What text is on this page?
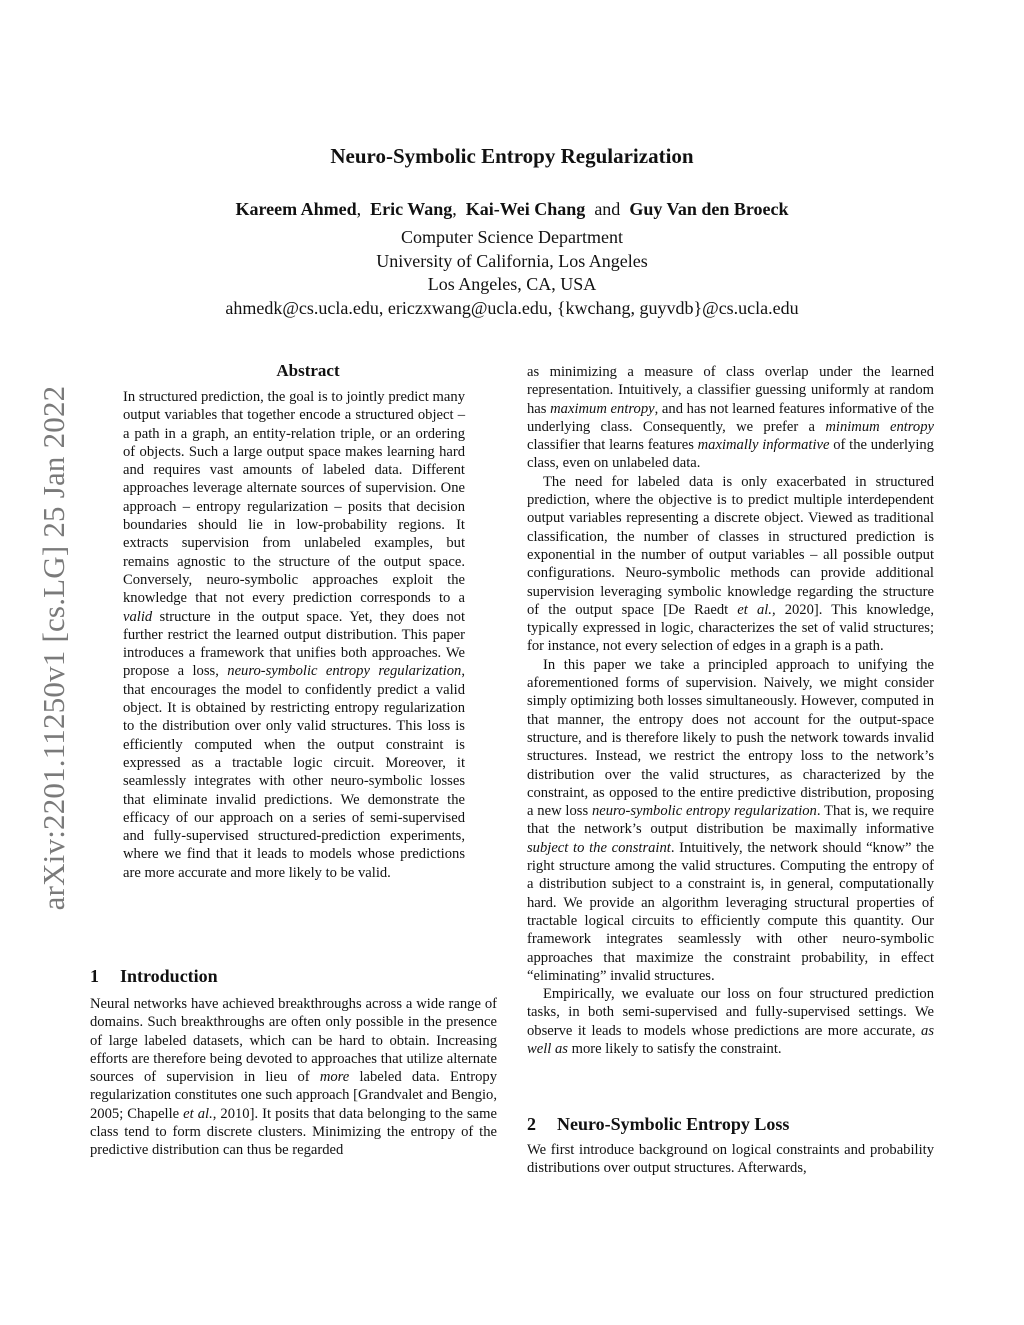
arXiv:2201.11250v1 [cs.LG] 25 Jan 2022
Neuro-Symbolic Entropy Regularization
Kareem Ahmed, Eric Wang, Kai-Wei Chang and Guy Van den Broeck
Computer Science Department
University of California, Los Angeles
Los Angeles, CA, USA
ahmedk@cs.ucla.edu, ericzxwang@ucla.edu, {kwchang, guyvdb}@cs.ucla.edu
Abstract

In structured prediction, the goal is to jointly predict many output variables that together encode a structured object – a path in a graph, an entity-relation triple, or an ordering of objects. Such a large output space makes learning hard and requires vast amounts of labeled data. Different approaches leverage alternate sources of supervision. One approach – entropy regularization – posits that decision boundaries should lie in low-probability regions. It extracts supervision from unlabeled examples, but remains agnostic to the structure of the output space. Conversely, neuro-symbolic approaches exploit the knowledge that not every prediction corresponds to a valid structure in the output space. Yet, they does not further restrict the learned output distribution. This paper introduces a framework that unifies both approaches. We propose a loss, neuro-symbolic entropy regularization, that encourages the model to confidently predict a valid object. It is obtained by restricting entropy regularization to the distribution over only valid structures. This loss is efficiently computed when the output constraint is expressed as a tractable logic circuit. Moreover, it seamlessly integrates with other neuro-symbolic losses that eliminate invalid predictions. We demonstrate the efficacy of our approach on a series of semi-supervised and fully-supervised structured-prediction experiments, where we find that it leads to models whose predictions are more accurate and more likely to be valid.

1 Introduction

Neural networks have achieved breakthroughs across a wide range of domains. Such breakthroughs are often only possible in the presence of large labeled datasets, which can be hard to obtain. Increasing efforts are therefore being devoted to approaches that utilize alternate sources of supervision in lieu of more labeled data. Entropy regularization constitutes one such approach [Grandvalet and Bengio, 2005; Chapelle et al., 2010]. It posits that data belonging to the same class tend to form discrete clusters. Minimizing the entropy of the predictive distribution can thus be regarded

as minimizing a measure of class overlap under the learned representation. Intuitively, a classifier guessing uniformly at random has maximum entropy, and has not learned features informative of the underlying class. Consequently, we prefer a minimum entropy classifier that learns features maximally informative of the underlying class, even on unlabeled data.

The need for labeled data is only exacerbated in structured prediction, where the objective is to predict multiple interdependent output variables representing a discrete object. Viewed as traditional classification, the number of classes in structured prediction is exponential in the number of output variables – all possible output configurations. Neuro-symbolic methods can provide additional supervision leveraging symbolic knowledge regarding the structure of the output space [De Raedt et al., 2020]. This knowledge, typically expressed in logic, characterizes the set of valid structures; for instance, not every selection of edges in a graph is a path.

In this paper we take a principled approach to unifying the aforementioned forms of supervision. Naively, we might consider simply optimizing both losses simultaneously. However, computed in that manner, the entropy does not account for the output-space structure, and is therefore likely to push the network towards invalid structures. Instead, we restrict the entropy loss to the network’s distribution over the valid structures, as characterized by the constraint, as opposed to the entire predictive distribution, proposing a new loss neuro-symbolic entropy regularization. That is, we require that the network’s output distribution be maximally informative subject to the constraint. Intuitively, the network should “know” the right structure among the valid structures. Computing the entropy of a distribution subject to a constraint is, in general, computationally hard. We provide an algorithm leveraging structural properties of tractable logical circuits to efficiently compute this quantity. Our framework integrates seamlessly with other neuro-symbolic approaches that maximize the constraint probability, in effect “eliminating” invalid structures.

Empirically, we evaluate our loss on four structured prediction tasks, in both semi-supervised and fully-supervised settings. We observe it leads to models whose predictions are more accurate, as well as more likely to satisfy the constraint.

2 Neuro-Symbolic Entropy Loss

We first introduce background on logical constraints and probability distributions over output structures. Afterwards,
